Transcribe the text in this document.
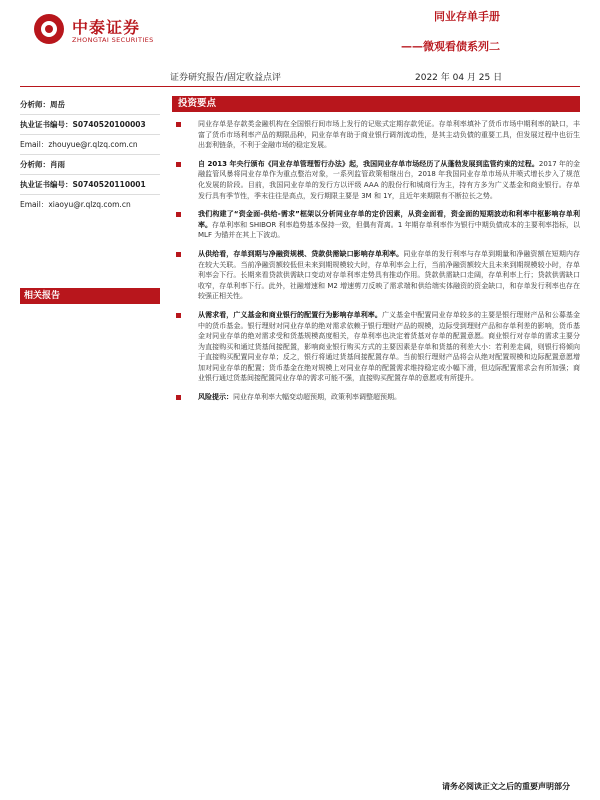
中泰证券
ZHONGTAI SECURITIES
同业存单手册
——微观看债系列二
证券研究报告/固定收益点评	2022 年 04 月 25 日
分析师：周岳
执业证书编号：S0740520100003
Email：zhouyue@r.qlzq.com.cn
分析师：肖雨
执业证书编号：S0740520110001
Email：xiaoyu@r.qlzq.com.cn
相关报告
投资要点
同业存单是存款类金融机构在全国银行间市场上发行的记账式定期存款凭证。存单利率填补了货币市场中期利率的缺口，丰富了货币市场利率产品的期限品种，同业存单有助于商业银行调剂流动性，是其主动负债的重要工具，但发展过程中也衍生出套利链条，不利于金融市场的稳定发展。
自 2013 年央行颁布《同业存单管理暂行办法》起，我国同业存单市场经历了从蓬勃发展到监管约束的过程。2017 年的金融监管风暴将同业存单作为重点整治对象，一系列监管政策相继出台，2018 年我国同业存单市场从井喷式增长步入了规范化发展的阶段。目前，我国同业存单的发行方以评级 AAA 的股份行和城商行为主，持有方多为广义基金和商业银行。存单发行具有季节性，季末往往是高点，发行期限主要是 3M 和 1Y，且近年来期限有不断拉长之势。
我们构建了“资金面-供给-需求”框架以分析同业存单的定价因素，从资金面看，资金面的短期波动和利率中枢影响存单利率。存单利率和 SHIBOR 利率趋势基本保持一致，但偶有背离。1 年期存单利率作为银行中期负债成本的主要利率指标，以 MLF 为锚并在其上下波动。
从供给看，存单到期与净融资规模、贷款供需缺口影响存单利率。同业存单的发行利率与存单到期量和净融资额在短期内存在较大关联。当前净融资额较低但未来到期规模较大时，存单利率会上行，当前净融资额较大且未来到期规模较小时，存单利率会下行。长期来看贷款供需缺口变动对存单利率走势具有推动作用。贷款供需缺口走阔，存单利率上行；贷款供需缺口收窄，存单利率下行。此外，社融增速和 M2 增速剪刀反映了需求端和供给端实体融资的资金缺口，和存单发行利率也存在较强正相关性。
从需求看，广义基金和商业银行的配置行为影响存单利率。广义基金中配置同业存单较多的主要是银行理财产品和公募基金中的货币基金。银行理财对同业存单的绝对需求依赖于银行理财产品的规模，边际受到理财产品和存单利差的影响，货币基金对同业存单的绝对需求受和货基规模高度相关，存单利率也决定着货基对存单的配置意愿。商业银行对存单的需求主要分为直接购买和通过货基间接配置，影响商业银行购买方式的主要因素是存单和货基的利差大小：若利差走阔，则银行将倾向于直接购买配置同业存单；反之，银行将通过货基间接配置存单。当前银行理财产品将会从绝对配置规模和边际配置意愿增加对同业存单的配置；货币基金在绝对规模上对同业存单的配置需求维持稳定或小幅下滑，但边际配置需求会有所加强；商业银行通过货基间接配置同业存单的需求可能不强，直接购买配置存单的意愿或有所提升。
风险提示：同业存单利率大幅变动超预期，政策利率调整超预期。
请务必阅读正文之后的重要声明部分
